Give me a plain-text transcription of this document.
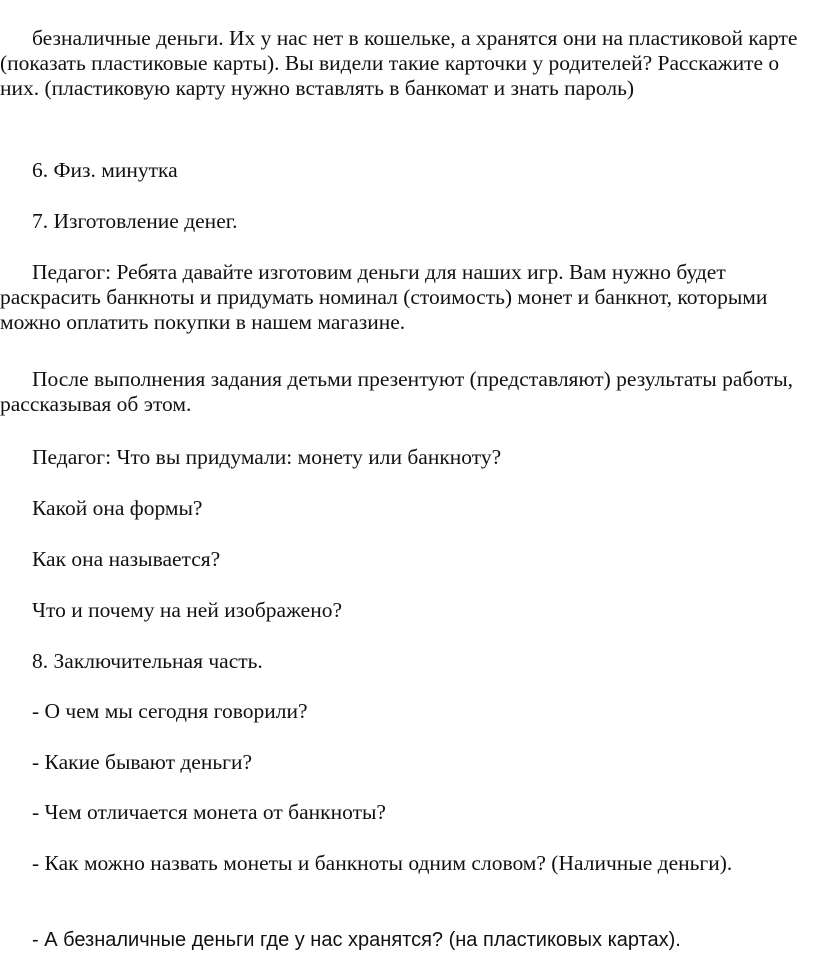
безналичные деньги. Их у нас нет в кошельке, а хранятся они на пластиковой карте (показать пластиковые карты). Вы видели такие карточки у родителей? Расскажите о них. (пластиковую карту нужно вставлять в банкомат и знать пароль)

6. Физ. минутка

7. Изготовление денег.

Педагог: Ребята давайте изготовим деньги для наших игр. Вам нужно будет раскрасить банкноты и придумать номинал (стоимость) монет и банкнот, которыми можно оплатить покупки в нашем магазине.

После выполнения задания детьми презентуют (представляют) результаты работы, рассказывая об этом.

Педагог: Что вы придумали: монету или банкноту?

Какой она формы?

Как она называется?

Что и почему на ней изображено?

8. Заключительная часть.

- О чем мы сегодня говорили?

- Какие бывают деньги?

- Чем отличается монета от банкноты?

- Как можно назвать монеты и банкноты одним словом? (Наличные деньги).

- А безналичные деньги где у нас хранятся? (на пластиковых картах).
